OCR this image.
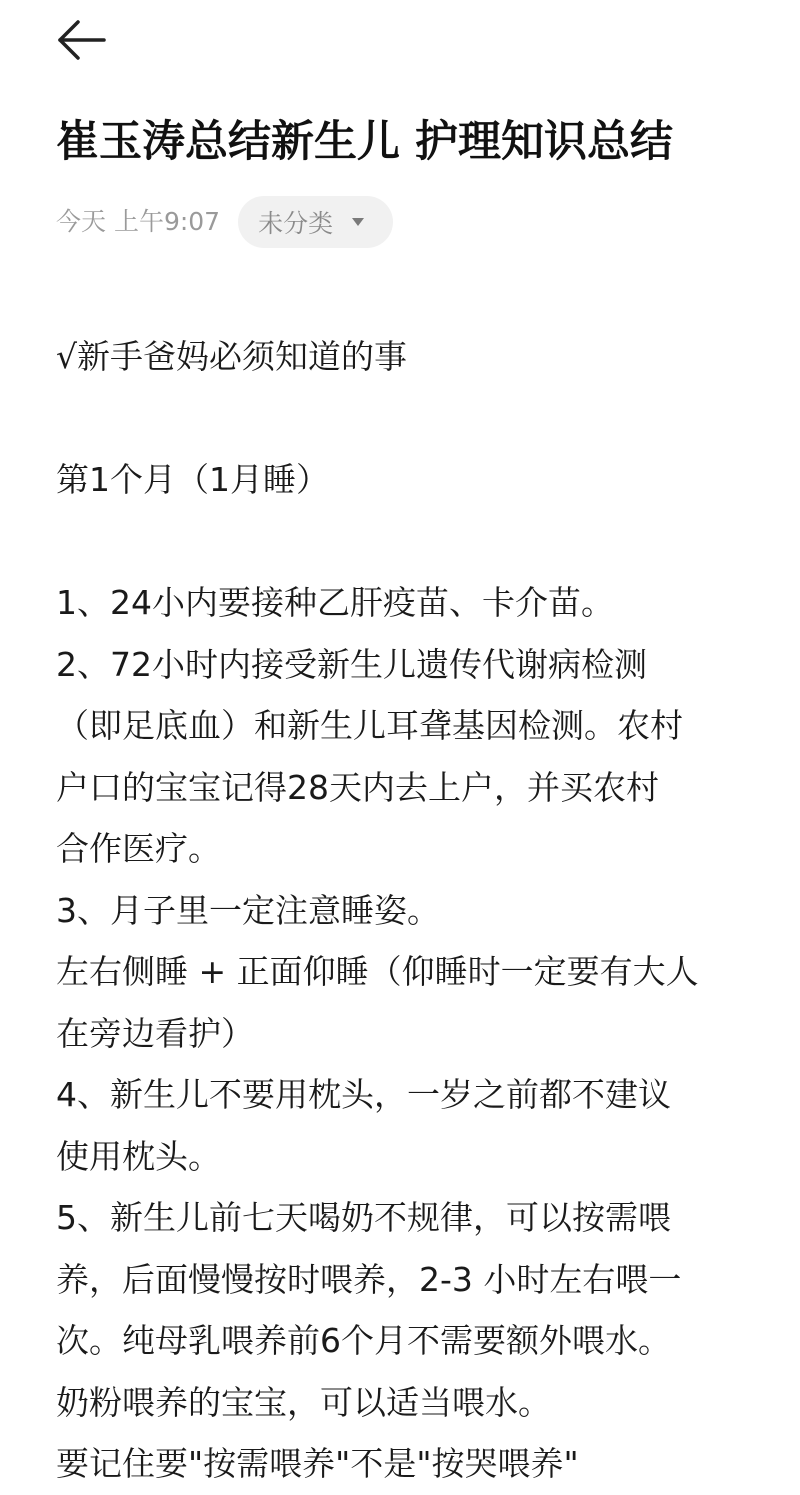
崔玉涛总结新生儿 护理知识总结
今天 上午9:07 未分类
√新手爸妈必须知道的事
第1个月（1月睡）
1、24小内要接种乙肝疫苗、卡介苗。
2、72小时内接受新生儿遗传代谢病检测
（即足底血）和新生儿耳聋基因检测。农村
户口的宝宝记得28天内去上户，并买农村
合作医疗。
3、月子里一定注意睡姿。
左右侧睡 + 正面仰睡（仰睡时一定要有大人
在旁边看护）
4、新生儿不要用枕头，一岁之前都不建议
使用枕头。
5、新生儿前七天喝奶不规律，可以按需喂
养，后面慢慢按时喂养，2-3 小时左右喂一
次。纯母乳喂养前6个月不需要额外喂水。
奶粉喂养的宝宝，可以适当喂水。
要记住要"按需喂养"不是"按哭喂养"
